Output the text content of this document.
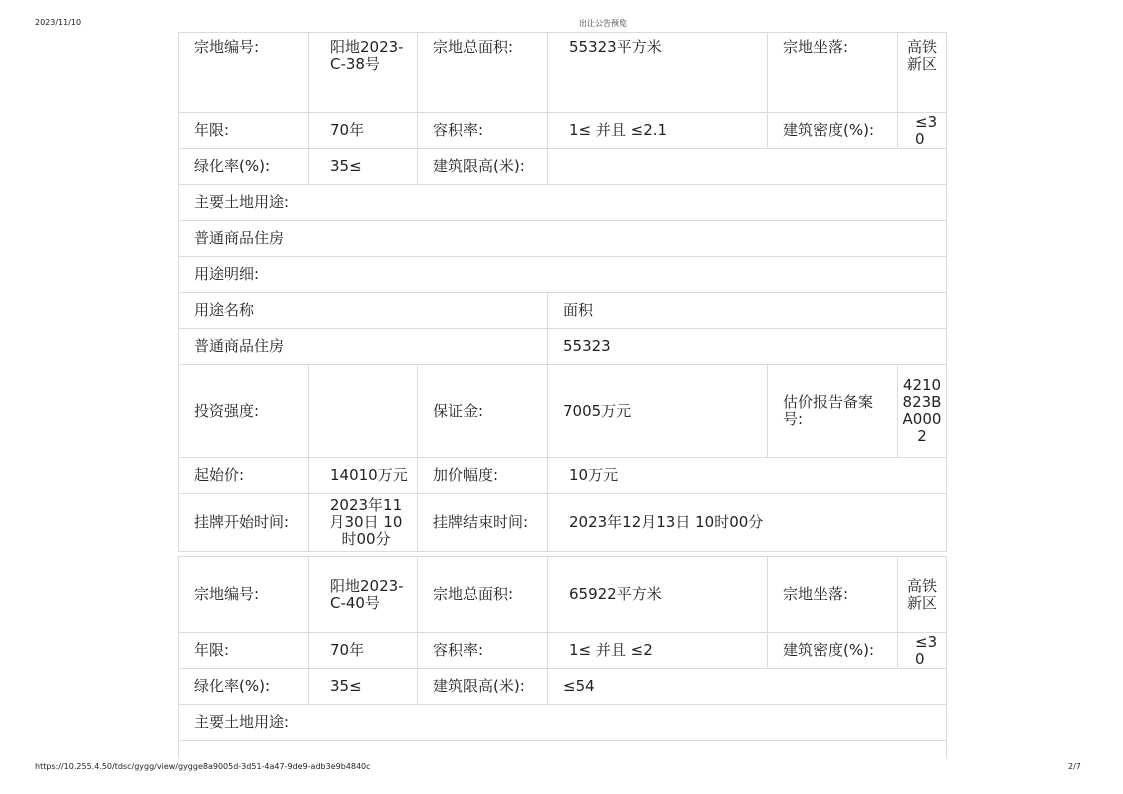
2023/11/10	出让公告预览
宗地编号:	阳地2023-C-38号	宗地总面积:	55323平方米	宗地坐落:	高铁新区
年限:	70年	容积率:	1≤ 并且 ≤2.1	建筑密度(%):	≤30
绿化率(%):	35≤	建筑限高(米):			
主要土地用途:					
普通商品住房					
用途明细:					
用途名称			面积		
普通商品住房			55323		
投资强度:		保证金:	7005万元	估价报告备案号:	4210823BA0002
起始价:	14010万元	加价幅度:	10万元		
挂牌开始时间:	2023年11月30日 10时00分	挂牌结束时间:	2023年12月13日 10时00分		
宗地编号:	阳地2023-C-40号	宗地总面积:	65922平方米	宗地坐落:	高铁新区
年限:	70年	容积率:	1≤ 并且 ≤2	建筑密度(%):	≤30
绿化率(%):	35≤	建筑限高(米):	≤54		
主要土地用途:					

https://10.255.4.50/tdsc/gygg/view/gygge8a9005d-3d51-4a47-9de9-adb3e9b4840c	2/7
